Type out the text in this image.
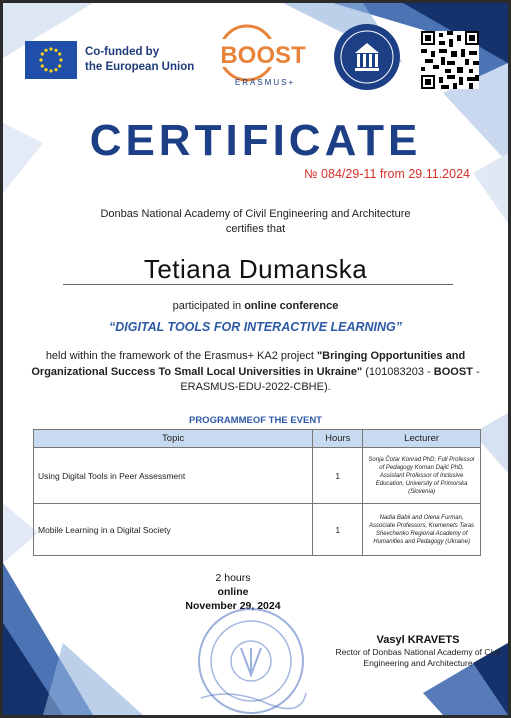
Co-funded by
the European Union BOOST
ERASMUS+
CERTIFICATE
№ 084/29-11 from 29.11.2024
Donbas National Academy of Civil Engineering and Architecture
certifies that
Tetiana Dumanska
participated in online conference
“DIGITAL TOOLS FOR INTERACTIVE LEARNING”
held within the framework of the Erasmus+ KA2 project "Bringing Opportunities and Organizational Success To Small Local Universities in Ukraine" (101083203 - BOOST - ERASMUS-EDU-2022-CBHE).
PROGRAMMEOF THE EVENT
Topic	Hours	Lecturer
Using Digital Tools in Peer Assessment	1	Sonja Čotar Konrad PhD, Full Professor of Pedagogy Kornan Dajić PhD, Assistant Professor of Inclusive Education, University of Primorska (Slovenia)
Mobile Learning in a Digital Society	1	Nadia Babii and Olena Furman, Associate Professors, Kremenets Taras Shevchenko Regional Academy of Humanities and Pedagogy (Ukraine)
2 hours
online
November 29, 2024
Vasyl KRAVETS
Rector of Donbas National Academy of Civil Engineering and Architecture
